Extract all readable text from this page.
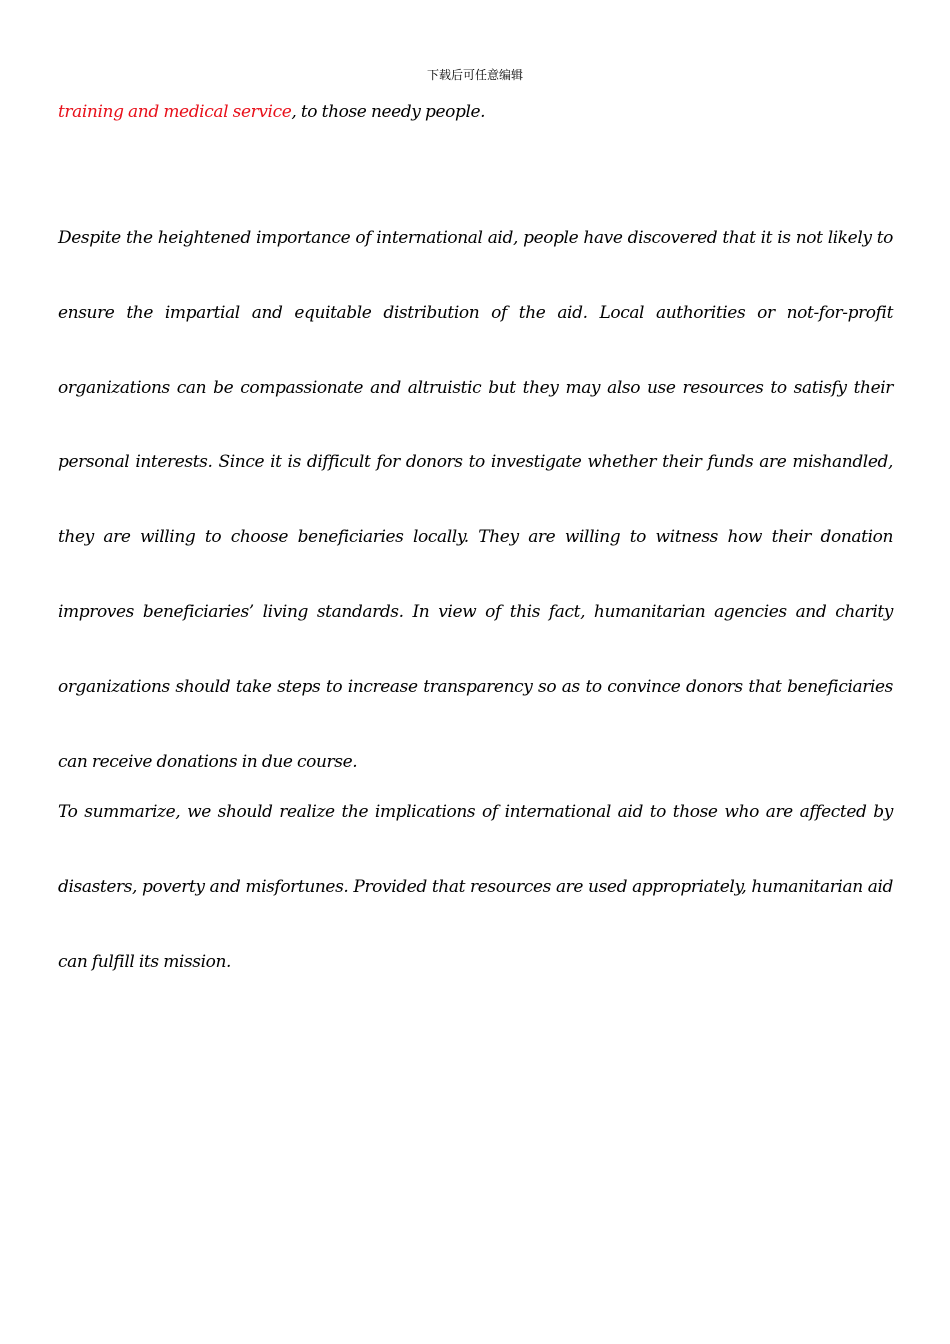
下载后可任意编辑
training and medical service, to those needy people.

Despite the heightened importance of international aid, people have discovered that it is not likely to ensure the impartial and equitable distribution of the aid. Local authorities or not-for-profit organizations can be compassionate and altruistic but they may also use resources to satisfy their personal interests. Since it is difficult for donors to investigate whether their funds are mishandled, they are willing to choose beneficiaries locally. They are willing to witness how their donation improves beneficiaries’ living standards. In view of this fact, humanitarian agencies and charity organizations should take steps to increase transparency so as to convince donors that beneficiaries can receive donations in due course.

To summarize, we should realize the implications of international aid to those who are affected by disasters, poverty and misfortunes. Provided that resources are used appropriately, humanitarian aid can fulfill its mission.
